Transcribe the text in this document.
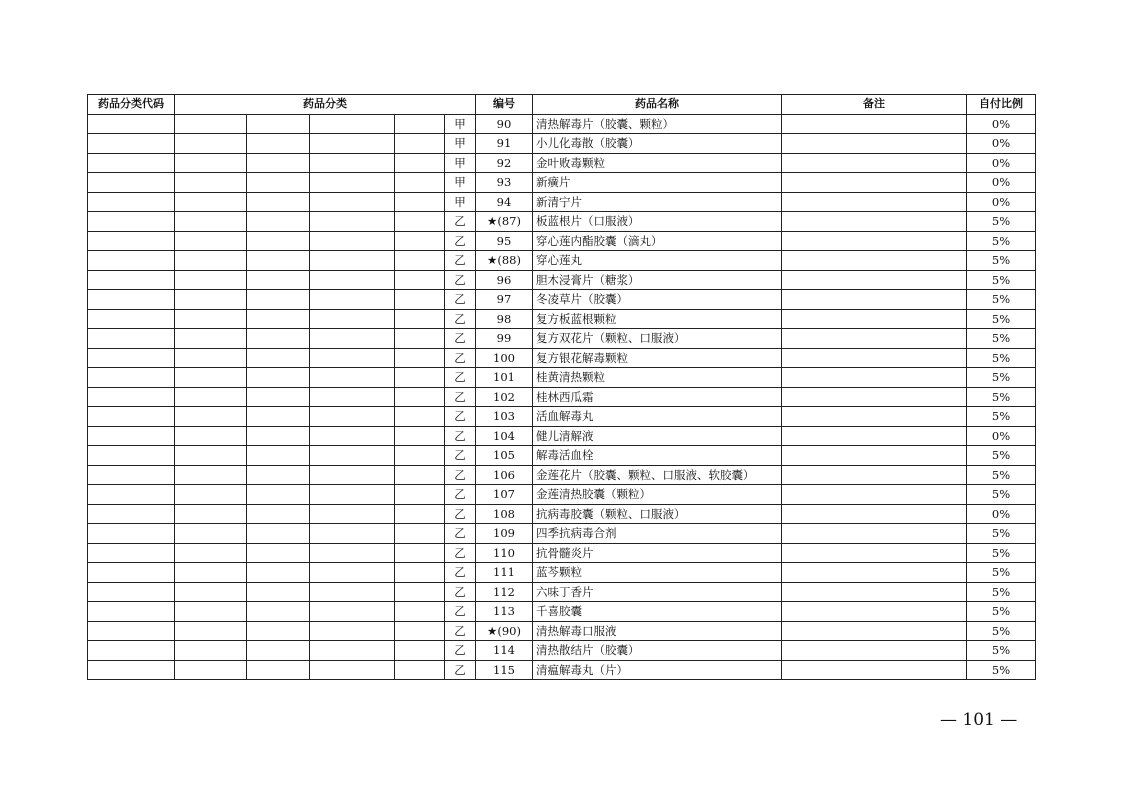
药品分类代码	药品分类					编号	药品名称	备注	自付比例
					甲	90	清热解毒片（胶囊、颗粒）		0%
					甲	91	小儿化毒散（胶囊）		0%
					甲	92	金叶败毒颗粒		0%
					甲	93	新癀片		0%
					甲	94	新清宁片		0%
					乙	★(87)	板蓝根片（口服液）		5%
					乙	95	穿心莲内酯胶囊（滴丸）		5%
					乙	★(88)	穿心莲丸		5%
					乙	96	胆木浸膏片（糖浆）		5%
					乙	97	冬凌草片（胶囊）		5%
					乙	98	复方板蓝根颗粒		5%
					乙	99	复方双花片（颗粒、口服液）		5%
					乙	100	复方银花解毒颗粒		5%
					乙	101	桂黄清热颗粒		5%
					乙	102	桂林西瓜霜		5%
					乙	103	活血解毒丸		5%
					乙	104	健儿清解液		0%
					乙	105	解毒活血栓		5%
					乙	106	金莲花片（胶囊、颗粒、口服液、软胶囊）		5%
					乙	107	金莲清热胶囊（颗粒）		5%
					乙	108	抗病毒胶囊（颗粒、口服液）		0%
					乙	109	四季抗病毒合剂		5%
					乙	110	抗骨髓炎片		5%
					乙	111	蓝芩颗粒		5%
					乙	112	六味丁香片		5%
					乙	113	千喜胶囊		5%
					乙	★(90)	清热解毒口服液		5%
					乙	114	清热散结片（胶囊）		5%
					乙	115	清瘟解毒丸（片）		5%
— 101 —
